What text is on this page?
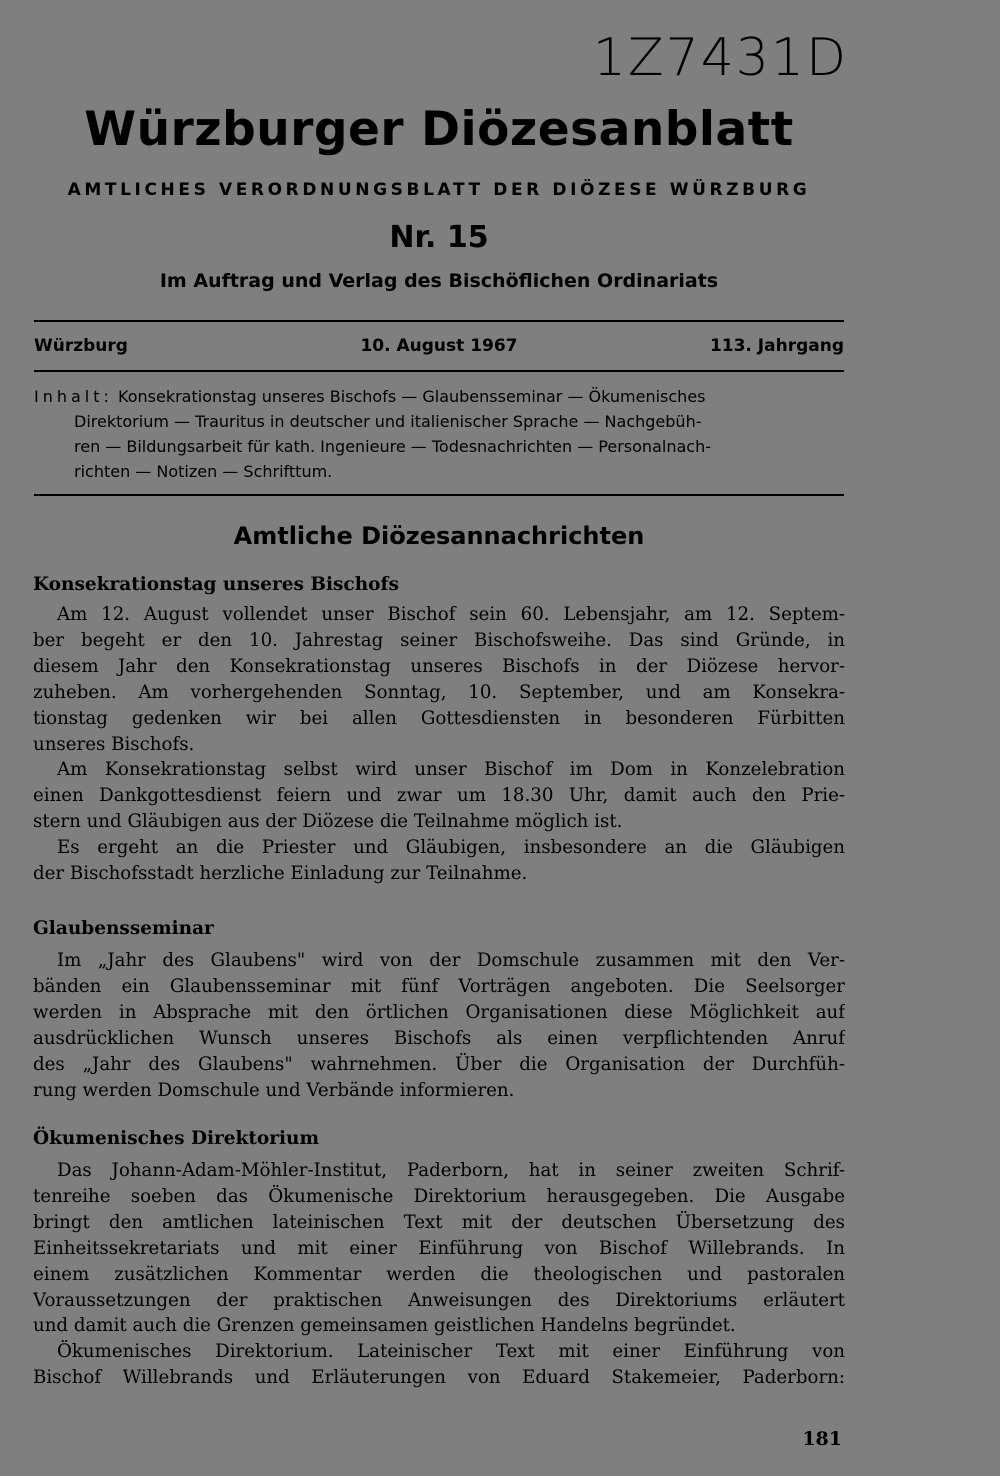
1Z7431D
Würzburger Diözesanblatt
AMTLICHES VERORDNUNGSBLATT DER DIÖZESE WÜRZBURG
Nr. 15
Im Auftrag und Verlag des Bischöflichen Ordinariats
Würzburg	10. August 1967	113. Jahrgang
Inhalt: Konsekrationstag unseres Bischofs — Glaubensseminar — Ökumenisches
Direktorium — Trauritus in deutscher und italienischer Sprache — Nachgebüh-
ren — Bildungsarbeit für kath. Ingenieure — Todesnachrichten — Personalnach-
richten — Notizen — Schrifttum.
Amtliche Diözesannachrichten
Konsekrationstag unseres Bischofs
Am 12. August vollendet unser Bischof sein 60. Lebensjahr, am 12. Septem-
ber begeht er den 10. Jahrestag seiner Bischofsweihe. Das sind Gründe, in
diesem Jahr den Konsekrationstag unseres Bischofs in der Diözese hervor-
zuheben. Am vorhergehenden Sonntag, 10. September, und am Konsekra-
tionstag gedenken wir bei allen Gottesdiensten in besonderen Fürbitten
unseres Bischofs.
Am Konsekrationstag selbst wird unser Bischof im Dom in Konzelebration
einen Dankgottesdienst feiern und zwar um 18.30 Uhr, damit auch den Prie-
stern und Gläubigen aus der Diözese die Teilnahme möglich ist.
Es ergeht an die Priester und Gläubigen, insbesondere an die Gläubigen
der Bischofsstadt herzliche Einladung zur Teilnahme.
Glaubensseminar
Im „Jahr des Glaubens" wird von der Domschule zusammen mit den Ver-
bänden ein Glaubensseminar mit fünf Vorträgen angeboten. Die Seelsorger
werden in Absprache mit den örtlichen Organisationen diese Möglichkeit auf
ausdrücklichen Wunsch unseres Bischofs als einen verpflichtenden Anruf
des „Jahr des Glaubens" wahrnehmen. Über die Organisation der Durchfüh-
rung werden Domschule und Verbände informieren.
Ökumenisches Direktorium
Das Johann-Adam-Möhler-Institut, Paderborn, hat in seiner zweiten Schrif-
tenreihe soeben das Ökumenische Direktorium herausgegeben. Die Ausgabe
bringt den amtlichen lateinischen Text mit der deutschen Übersetzung des
Einheitssekretariats und mit einer Einführung von Bischof Willebrands. In
einem zusätzlichen Kommentar werden die theologischen und pastoralen
Voraussetzungen der praktischen Anweisungen des Direktoriums erläutert
und damit auch die Grenzen gemeinsamen geistlichen Handelns begründet.
Ökumenisches Direktorium. Lateinischer Text mit einer Einführung von
Bischof Willebrands und Erläuterungen von Eduard Stakemeier, Paderborn:
181
